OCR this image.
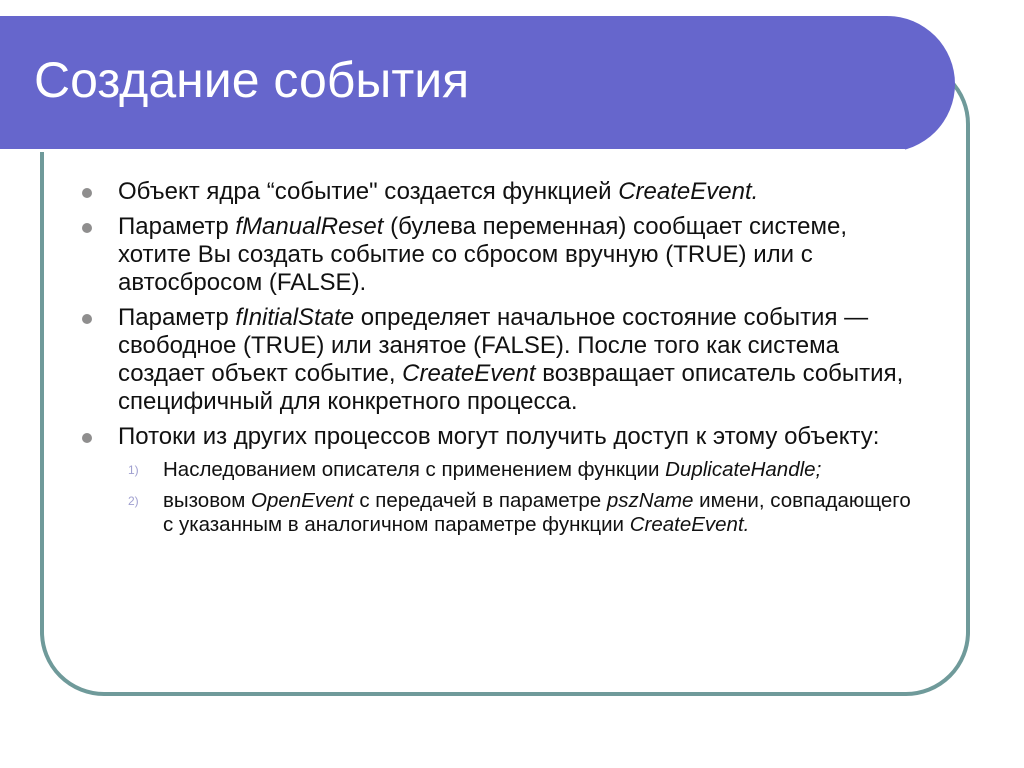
Создание события
Объект ядра “событие" создается функцией CreateEvent.
Параметр fManualReset (булева переменная) сообщает системе, хотите Вы создать событие со сбросом вручную (TRUE) или с автосбросом (FALSE).
Параметр fInitialState определяет начальное состояние события — свободное (TRUE) или занятое (FALSE). После того как система создает объект событие, CreateEvent возвращает описатель события, специфичный для конкретного процесса.
Потоки из других процессов могут получить доступ к этому объекту:
1) Наследованием описателя с применением функции DuplicateHandle;
2) вызовом OpenEvent с передачей в параметре pszName имени, совпадающего с указанным в аналогичном параметре функции CreateEvent.
